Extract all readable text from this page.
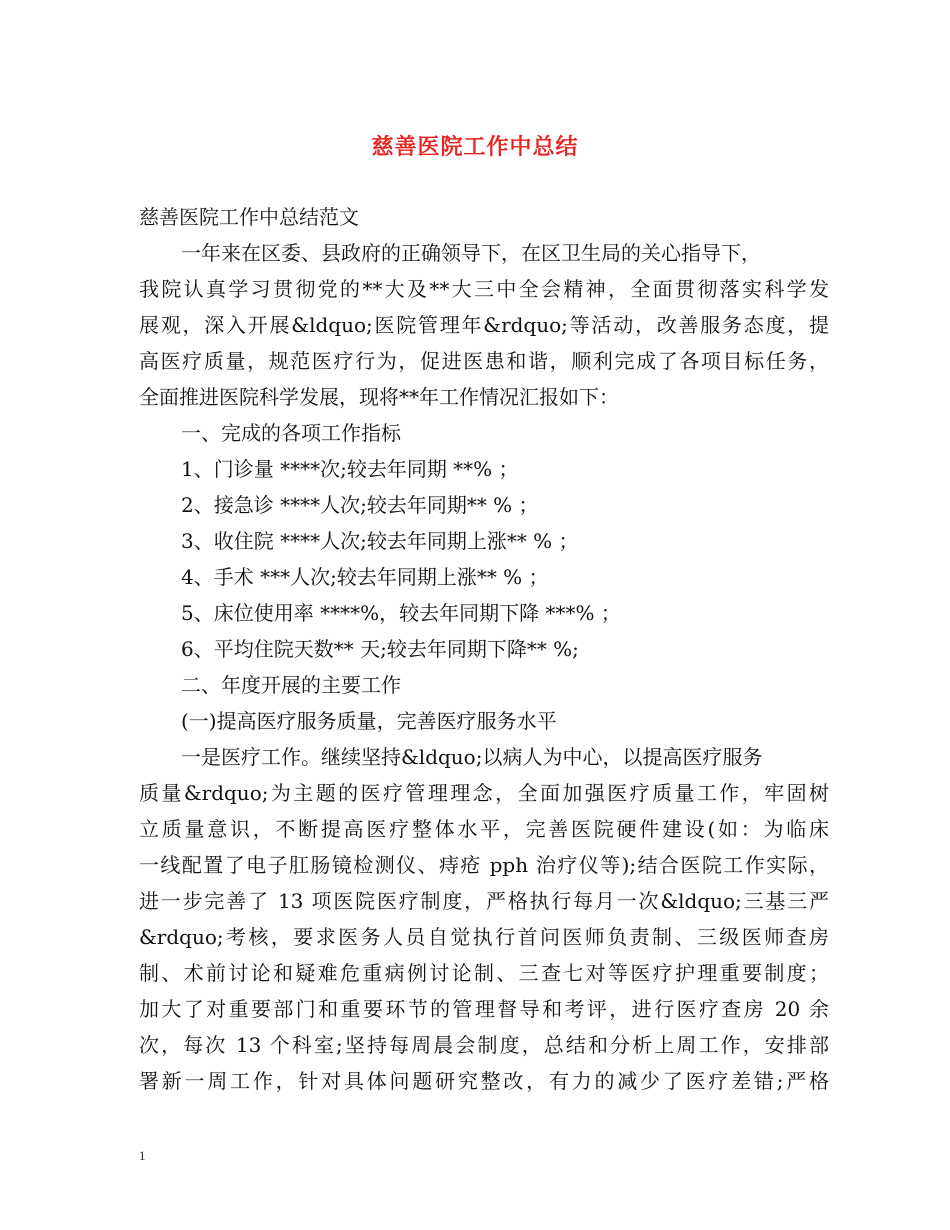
慈善医院工作中总结
慈善医院工作中总结范文
一年来在区委、县政府的正确领导下，在区卫生局的关心指导下，
我院认真学习贯彻党的**大及**大三中全会精神，全面贯彻落实科学发
展观，深入开展&ldquo;医院管理年&rdquo;等活动，改善服务态度，提
高医疗质量，规范医疗行为，促进医患和谐，顺利完成了各项目标任务，
全面推进医院科学发展，现将**年工作情况汇报如下：
一、完成的各项工作指标
1、门诊量 ****次;较去年同期 **% ；
2、接急诊 ****人次;较去年同期** % ；
3、收住院 ****人次;较去年同期上涨** % ；
4、手术 ***人次;较去年同期上涨** % ；
5、床位使用率 ****%，较去年同期下降 ***% ；
6、平均住院天数** 天;较去年同期下降** %;
二、年度开展的主要工作
(一)提高医疗服务质量，完善医疗服务水平
一是医疗工作。继续坚持&ldquo;以病人为中心，以提高医疗服务
质量&rdquo;为主题的医疗管理理念，全面加强医疗质量工作，牢固树
立质量意识，不断提高医疗整体水平，完善医院硬件建设(如：为临床
一线配置了电子肛肠镜检测仪、痔疮 pph 治疗仪等);结合医院工作实际，
进一步完善了 13 项医院医疗制度，严格执行每月一次&ldquo;三基三严
&rdquo;考核，要求医务人员自觉执行首问医师负责制、三级医师查房
制、术前讨论和疑难危重病例讨论制、三查七对等医疗护理重要制度；
加大了对重要部门和重要环节的管理督导和考评，进行医疗查房 20 余
次，每次 13 个科室;坚持每周晨会制度，总结和分析上周工作，安排部
署新一周工作，针对具体问题研究整改，有力的减少了医疗差错;严格
1
